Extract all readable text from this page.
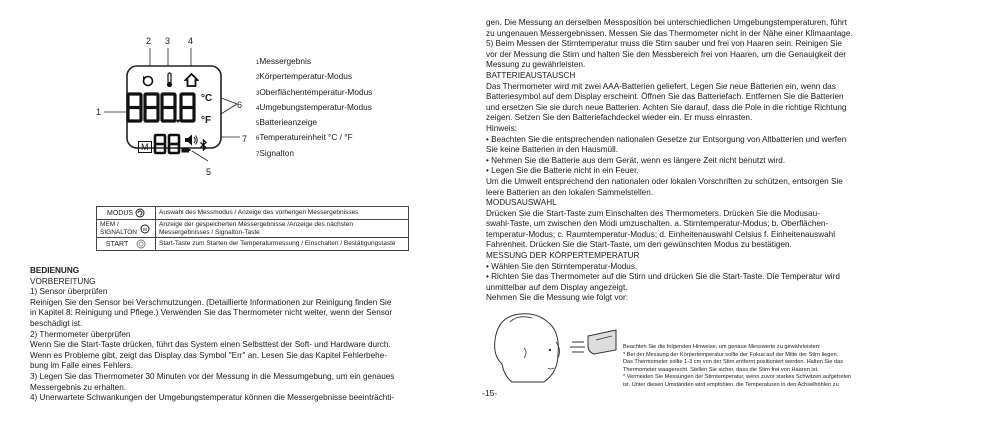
2 3 4
1
6
7
5
°C
°F
M
1Messergebnis
2Körpertemperatur-Modus
3Oberflächentemperatur-Modus
4Umgebungstemperatur-Modus
5Batterieanzeige
6Temperatureinheit °C / °F
7Signalton
MODUS	Auswahl des Messmodus / Anzeige des vorherigen Messergebnisses
MEM / SIGNALTON M	Anzeige der gespeicherten Messergebnisse /Anzeige des nächsten Messergebnisses / Signalton-Taste
START	Start-Taste zum Starten der Temperaturmessung / Einschalten / Bestätigungstaste
BEDIENUNG
VORBEREITUNG
1) Sensor überprüfen
Reinigen Sie den Sensor bei Verschmutzungen. (Detaillierte Informationen zur Reinigung finden Sie
in Kapitel 8: Reinigung und Pflege.) Verwenden Sie das Thermometer nicht weiter, wenn der Sensor
beschädigt ist.
2) Thermometer überprüfen
Wenn Sie die Start-Taste drücken, führt das System einen Selbsttest der Soft- und Hardware durch.
Wenn es Probleme gibt, zeigt das Display das Symbol "Err" an. Lesen Sie das Kapitel Fehlerbehe-
bung im Falle eines Fehlers.
3) Legen Sie das Thermometer 30 Minuten vor der Messung in die Messumgebung, um ein genaues
Messergebnis zu erhalten.
4) Unerwartete Schwankungen der Umgebungstemperatur können die Messergebnisse beeinträchti-	-15-
gen. Die Messung an derselben Messposition bei unterschiedlichen Umgebungstemperaturen, führt
zu ungenauen Messergebnissen. Messen Sie das Thermometer nicht in der Nähe einer Klimaanlage.
5) Beim Messen der Stirntemperatur muss die Stirn sauber und frei von Haaren sein. Reinigen Sie
vor der Messung die Stirn und halten Sie den Messbereich frei von Haaren, um die Genauigkeit der
Messung zu gewährleisten.
BATTERIEAUSTAUSCH
Das Thermometer wird mit zwei AAA-Batterien geliefert. Legen Sie neue Batterien ein, wenn das
Batteriesymbol auf dem Display erscheint. Öffnen Sie das Batteriefach. Entfernen Sie die Batterien
und ersetzen Sie sie durch neue Batterien. Achten Sie darauf, dass die Pole in die richtige Richtung
zeigen. Setzen Sie den Batteriefachdeckel wieder ein. Er muss einrasten.
Hinweis:
• Beachten Sie die entsprechenden nationalen Gesetze zur Entsorgung von Altbatterien und werfen
Sie keine Batterien in den Hausmüll.
• Nehmen Sie die Batterie aus dem Gerät, wenn es längere Zeit nicht benutzt wird.
• Legen Sie die Batterie nicht in ein Feuer.
Um die Umwelt entsprechend den nationalen oder lokalen Vorschriften zu schützen, entsorgen Sie
leere Batterien an den lokalen Sammelstellen.
MODUSAUSWAHL
Drücken Sie die Start-Taste zum Einschalten des Thermometers. Drücken Sie die Modusau-
swahl-Taste, um zwischen den Modi umzuschalten. a. Stirntemperatur-Modus; b. Oberflächen-
temperatur-Modus; c. Raumtemperatur-Modus; d. Einheitenauswahl Celsius f. Einheitenauswahl
Fahrenheit. Drücken Sie die Start-Taste, um den gewünschten Modus zu bestätigen.
MESSUNG DER KÖRPERTEMPERATUR
• Wählen Sie den Stirntemperatur-Modus.
• Richten Sie das Thermometer auf die Stirn und drücken Sie die Start-Taste. Die Temperatur wird
unmittelbar auf dem Display angezeigt.
Nehmen Sie die Messung wie folgt vor:
Beachten Sie die folgenden Hinweise, um genaue Messwerte zu gewährleisten:
* Bei der Messung der Körpertemperatur sollte der Fokus auf der Mitte der Stirn liegen.
Das Thermometer sollte 1-3 cm von der Stirn entfernt positioniert werden. Halten Sie das
Thermometer waagerecht. Stellen Sie sicher, dass die Stirn frei von Haaren ist.
* Vermeiden Sie Messungen der Stirntemperatur, wenn zuvor starkes Schwitzen aufgetreten
ist. Unter diesen Umständen wird empfohlen, die Temperaturen in den Achselhöhlen zu
